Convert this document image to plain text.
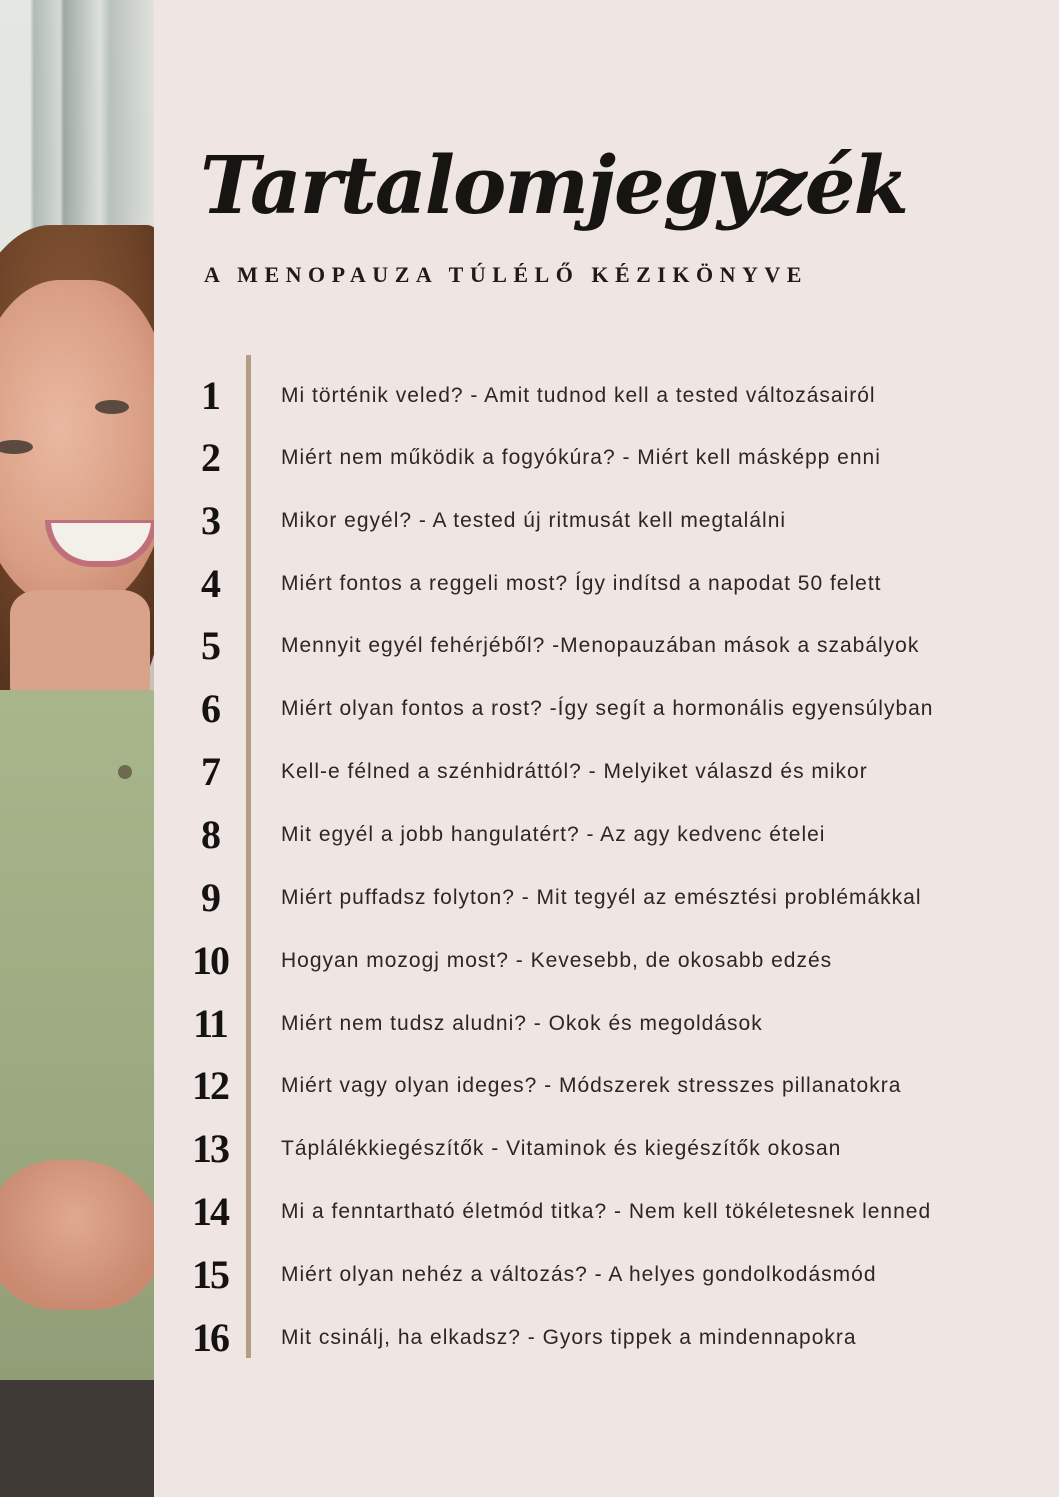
Tartalomjegyzék
A MENOPAUZA TÚLÉLŐ KÉZIKÖNYVE
1	Mi történik veled? - Amit tudnod kell a tested változásairól
2	Miért nem működik a fogyókúra? - Miért kell másképp enni
3	Mikor egyél? - A tested új ritmusát kell megtalálni
4	Miért fontos a reggeli most? Így indítsd a napodat 50 felett
5	Mennyit egyél fehérjéből? -Menopauzában mások a szabályok
6	Miért olyan fontos a rost? -Így segít a hormonális egyensúlyban
7	Kell-e félned a szénhidráttól? - Melyiket válaszd és mikor
8	Mit egyél a jobb hangulatért? - Az agy kedvenc ételei
9	Miért puffadsz folyton? - Mit tegyél az emésztési problémákkal
10	Hogyan mozogj most? - Kevesebb, de okosabb edzés
11	Miért nem tudsz aludni? - Okok és megoldások
12	Miért vagy olyan ideges? - Módszerek stresszes pillanatokra
13	Táplálékkiegészítők - Vitaminok és kiegészítők okosan
14	Mi a fenntartható életmód titka? - Nem kell tökéletesnek lenned
15	Miért olyan nehéz a változás? - A helyes gondolkodásmód
16	Mit csinálj, ha elkadsz? - Gyors tippek a mindennapokra
